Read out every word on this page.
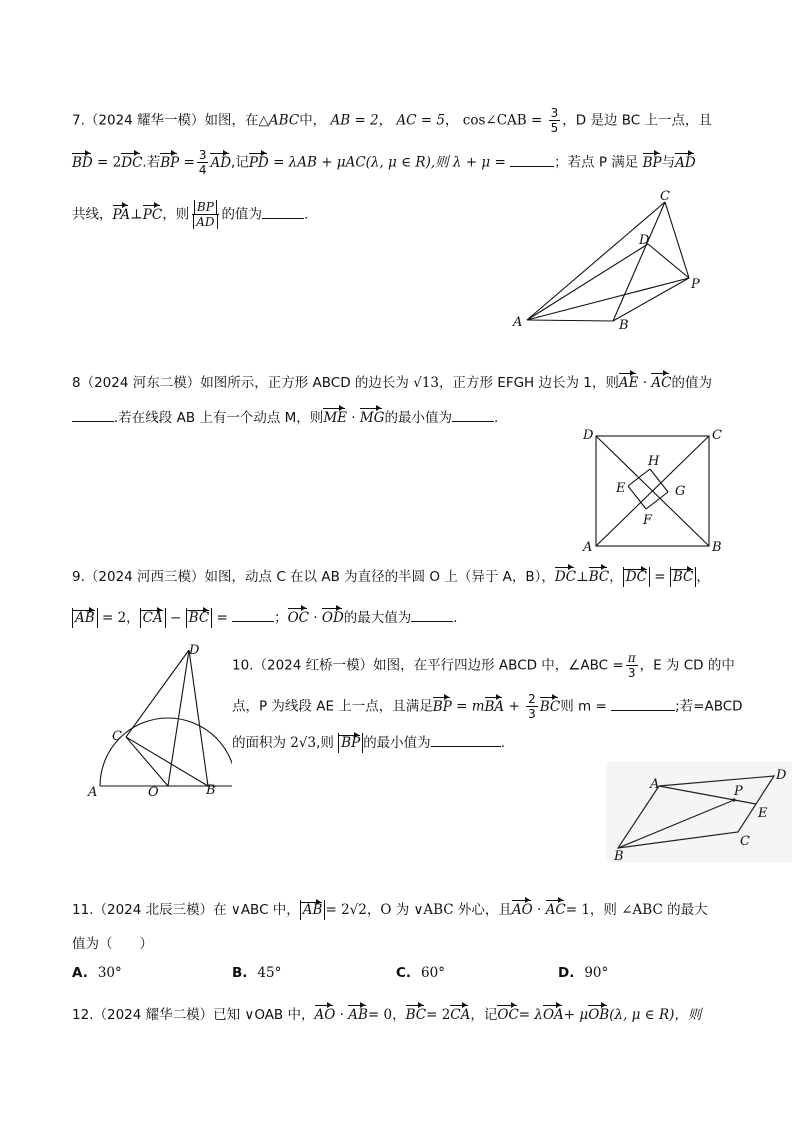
7.（2024 耀华一模）如图，在△ABC中， AB = 2， AC = 5， cos∠CAB = $\frac{3}{5}$ ，D 是边 BC 上一点，且
BD = 2DC.若BP = $\frac{3}{4}$ AD,记PD = λAB + μAC(λ, μ ∈ R),则 λ + μ =	；若点 P 满足 BP与AD
共线，PA⊥PC，则 $\frac{BP}{AD}$ 的值为	.
A	B
C
D
P
8（2024 河东二模）如图所示，正方形 ABCD 的边长为 √13，正方形 EFGH 边长为 1，则AE · AC的值为
.若在线段 AB 上有一个动点 M，则ME · MG的最小值为	.
A	B
C
D
E
F
G
H
9.（2024 河西三模）如图，动点 C 在以 AB 为直径的半圆 O 上（异于 A，B），DC⊥BC， DC = BC ，
AB = 2， CA − BC =	；OC · OD的最大值为	.
A	B
C
D
O
10.（2024 红桥一模）如图，在平行四边形 ABCD 中，∠ABC = $\frac{\pi}{3}$ ，E 为 CD 的中
点，P 为线段 AE 上一点，且满足BP = mBA + $\frac{2}{3}$ BC则 m =	;若=ABCD
的面积为 2√3,则 BP 的最小值为	.
A
B
C
D
E
P
11.（2024 北辰三模）在 ∨ABC 中， AB = 2√2，O 为 ∨ABC 外心，且AO · AC= 1，则 ∠ABC 的最大
值为（　　）
A. 30°	B. 45°	C. 60°	D. 90°
12.（2024 耀华二模）已知 ∨OAB 中，AO · AB= 0，BC= 2CA，记OC= λOA+ μOB(λ, μ ∈ R)，则
